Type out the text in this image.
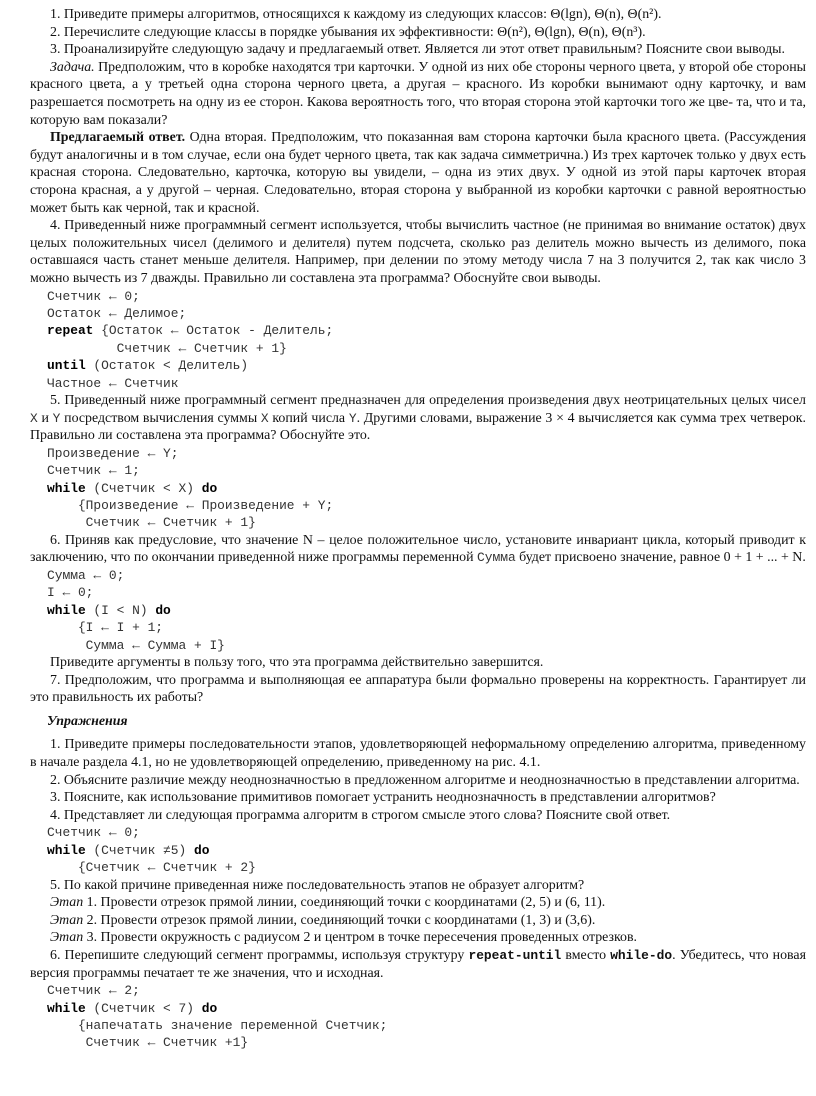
1. Приведите примеры алгоритмов, относящихся к каждому из следующих классов: Θ(lgn), Θ(n), Θ(n²).

2. Перечислите следующие классы в порядке убывания их эффективности: Θ(n²), Θ(lgn), Θ(n), Θ(n³).

3. Проанализируйте следующую задачу и предлагаемый ответ. Является ли этот ответ правильным? Поясните свои выводы.

Задача. Предположим, что в коробке находятся три карточки. У одной из них обе стороны черного цвета, у второй обе стороны красного цвета, а у третьей одна сторона черного цвета, а другая – красного. Из коробки вынимают одну карточку, и вам разрешается посмотреть на одну из ее сторон. Какова вероятность того, что вторая сторона этой карточки того же цве- та, что и та, которую вам показали?

Предлагаемый ответ. Одна вторая. Предположим, что показанная вам сторона карточки была красного цвета. (Рассуждения будут аналогичны и в том случае, если она будет черного цвета, так как задача симметрична.) Из трех карточек только у двух есть красная сторона. Следовательно, карточка, которую вы увидели, – одна из этих двух. У одной из этой пары карточек вторая сторона красная, а у другой – черная. Следовательно, вторая сторона у выбранной из коробки карточки с равной вероятностью может быть как черной, так и красной.

4. Приведенный ниже программный сегмент используется, чтобы вычислить частное (не принимая во внимание остаток) двух целых положительных чисел (делимого и делителя) путем подсчета, сколько раз делитель можно вычесть из делимого, пока оставшаяся часть станет меньше делителя. Например, при делении по этому методу числа 7 на 3 получится 2, так как число 3 можно вычесть из 7 дважды. Правильно ли составлена эта программа? Обоснуйте свои выводы.

Счетчик ← 0;
Остаток ← Делимое;
repeat {Остаток ← Остаток - Делитель;
Счетчик ← Счетчик + 1}
until (Остаток < Делитель)
Частное ← Счетчик

5. Приведенный ниже программный сегмент предназначен для определения произведения двух неотрицательных целых чисел X и Y посредством вычисления суммы X копий числа Y. Другими словами, выражение 3 × 4 вычисляется как сумма трех четверок. Правильно ли составлена эта программа? Обоснуйте это.

Произведение ← Y;
Счетчик ← 1;
while (Счетчик < X) do
{Произведение ← Произведение + Y;
Счетчик ← Счетчик + 1}

6. Приняв как предусловие, что значение N – целое положительное число, установите инвариант цикла, который приводит к заключению, что по окончании приведенной ниже программы переменной Сумма будет присвоено значение, равное 0 + 1 + ... + N.

Сумма ← 0;
I ← 0;
while (I < N) do
{I ← I + 1;
Сумма ← Сумма + I}

Приведите аргументы в пользу того, что эта программа действительно завершится.

7. Предположим, что программа и выполняющая ее аппаратура были формально проверены на корректность. Гарантирует ли это правильность их работы?

Упражнения

1. Приведите примеры последовательности этапов, удовлетворяющей неформальному определению алгоритма, приведенному в начале раздела 4.1, но не удовлетворяющей определению, приведенному на рис. 4.1.

2. Объясните различие между неоднозначностью в предложенном алгоритме и неоднозначностью в представлении алгоритма.

3. Поясните, как использование примитивов помогает устранить неоднозначность в представлении алгоритмов?

4. Представляет ли следующая программа алгоритм в строгом смысле этого слова? Поясните свой ответ.

Счетчик ← 0;
while (Счетчик ≠5) do
{Счетчик ← Счетчик + 2}

5. По какой причине приведенная ниже последовательность этапов не образует алгоритм?

Этап 1. Провести отрезок прямой линии, соединяющий точки с координатами (2, 5) и (6, 11).

Этап 2. Провести отрезок прямой линии, соединяющий точки с координатами (1, 3) и (3,6).

Этап 3. Провести окружность с радиусом 2 и центром в точке пересечения проведенных отрезков.

6. Перепишите следующий сегмент программы, используя структуру repeat-until вместо while-do. Убедитесь, что новая версия программы печатает те же значения, что и исходная.

Счетчик ← 2;
while (Счетчик < 7) do
{напечатать значение переменной Счетчик;
Счетчик ← Счетчик +1}
